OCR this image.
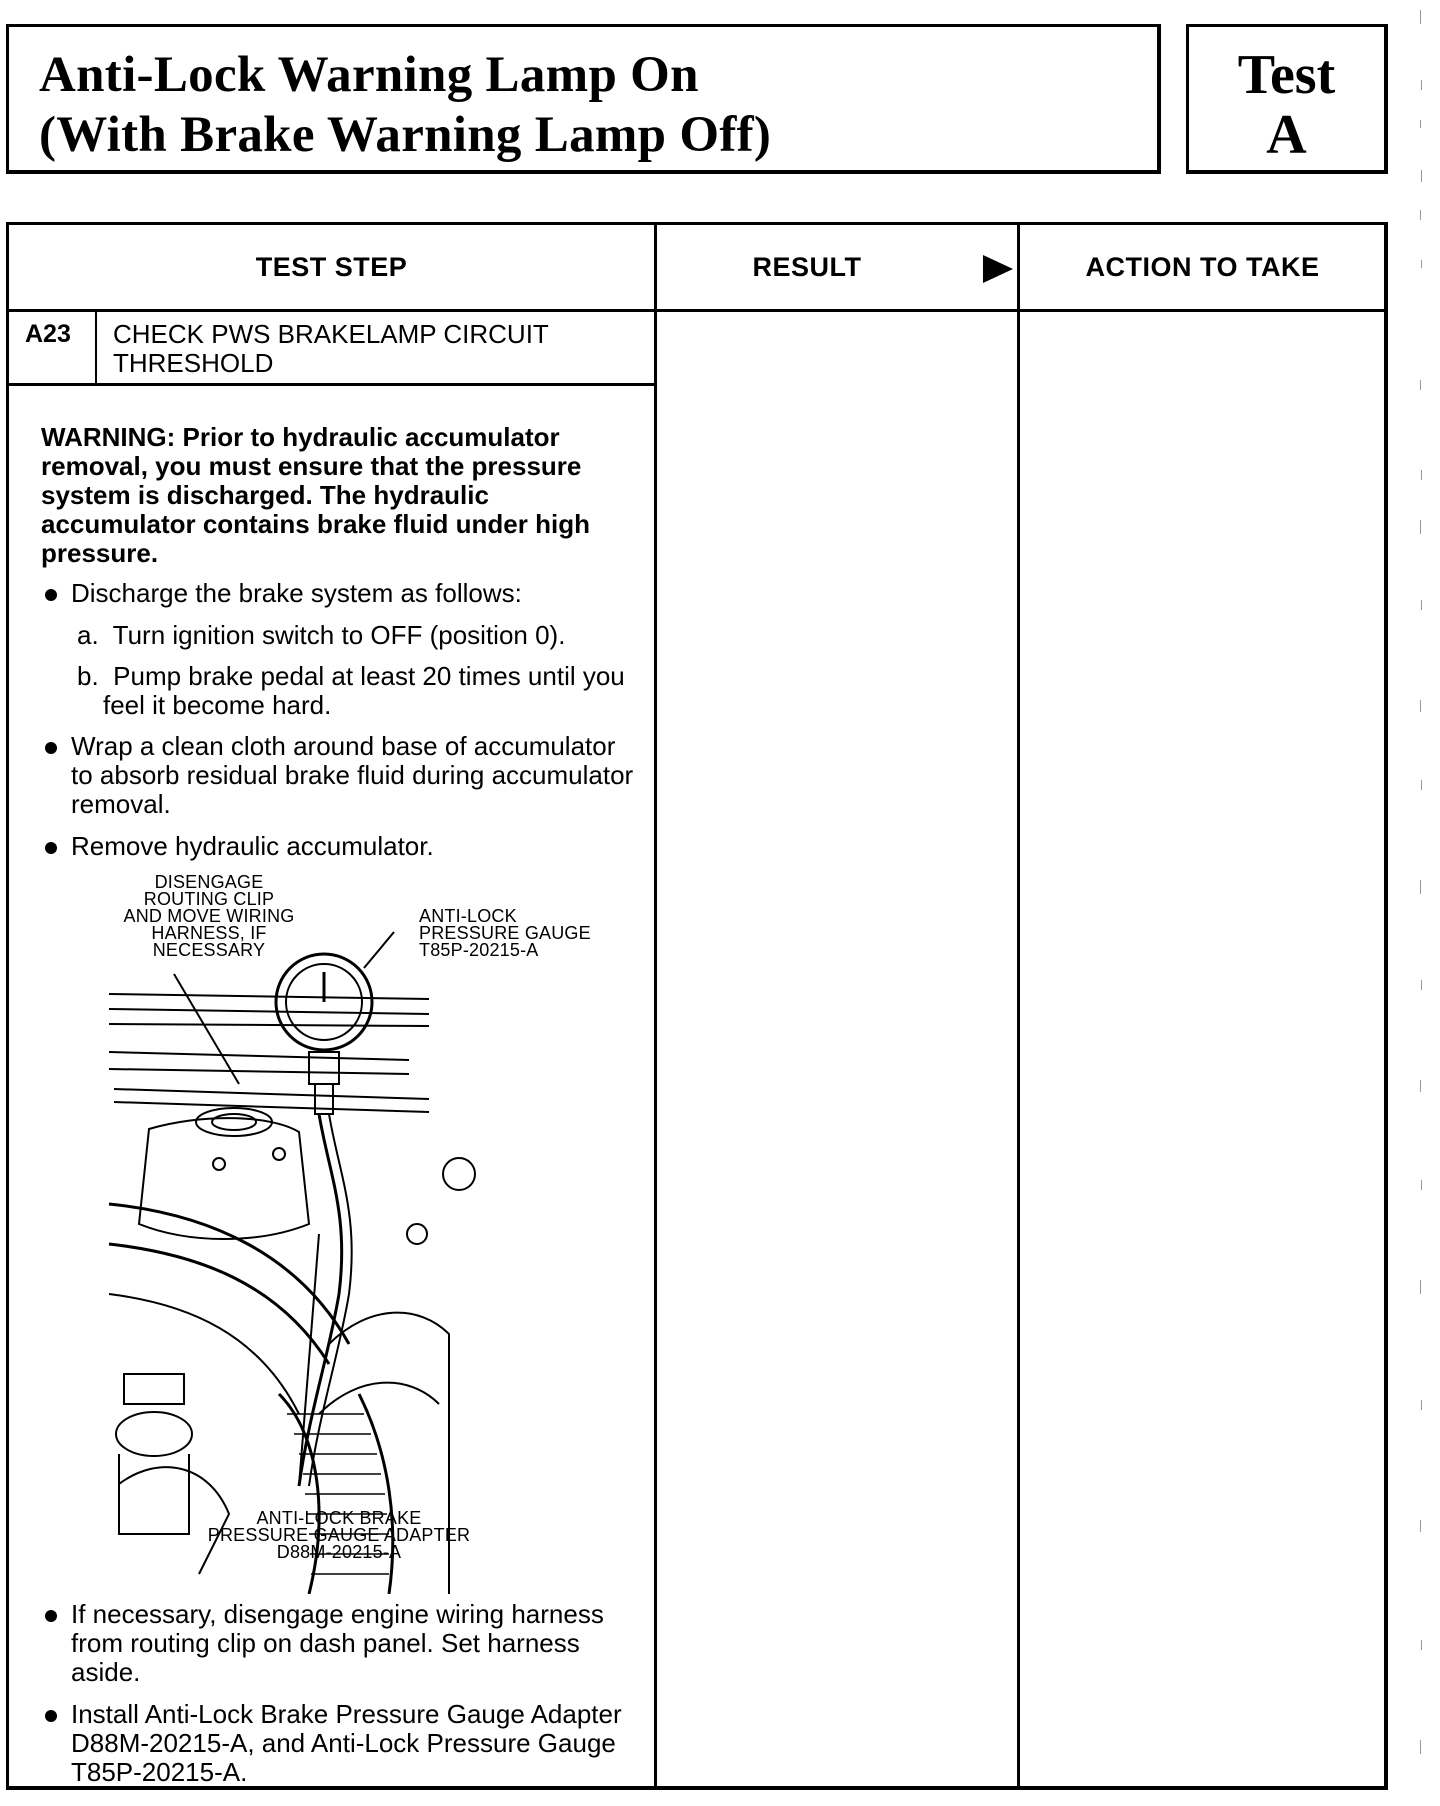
Anti-Lock Warning Lamp On
(With Brake Warning Lamp Off)
Test
A
TEST STEP	RESULT	ACTION TO TAKE
A23 CHECK PWS BRAKELAMP CIRCUIT THRESHOLD

WARNING: Prior to hydraulic accumulator removal, you must ensure that the pressure system is discharged. The hydraulic accumulator contains brake fluid under high pressure.

Discharge the brake system as follows:

a. Turn ignition switch to OFF (position 0).

b. Pump brake pedal at least 20 times until you feel it become hard.

Wrap a clean cloth around base of accumulator to absorb residual brake fluid during accumulator removal.

Remove hydraulic accumulator.

DISENGAGE
ROUTING CLIP
AND MOVE WIRING
HARNESS, IF
NECESSARY
ANTI-LOCK
PRESSURE GAUGE
T85P-20215-A
ANTI-LOCK BRAKE
PRESSURE GAUGE ADAPTER
D88M-20215-A

If necessary, disengage engine wiring harness from routing clip on dash panel. Set harness aside.

Install Anti-Lock Brake Pressure Gauge Adapter D88M-20215-A, and Anti-Lock Pressure Gauge T85P-20215-A.
